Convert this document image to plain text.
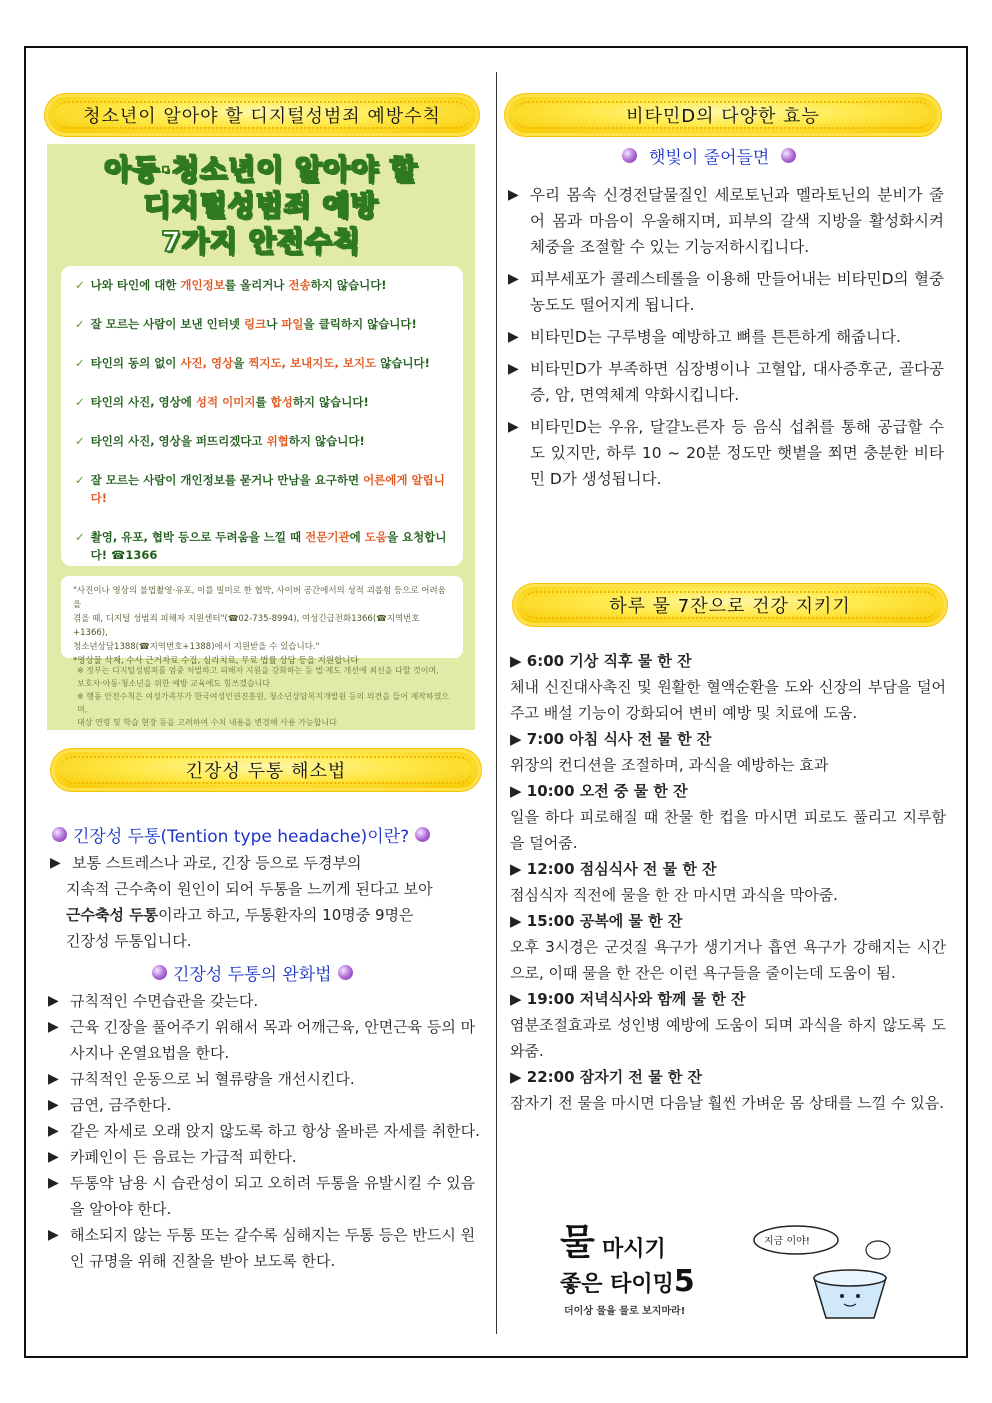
청소년이 알아야 할 디지털성범죄 예방수칙
아동·청소년이 알아야 할
디지털성범죄 예방
7가지 안전수칙
✓ 나와 타인에 대한 개인정보를 올리거나 전송하지 않습니다!
✓ 잘 모르는 사람이 보낸 인터넷 링크나 파일을 클릭하지 않습니다!
✓ 타인의 동의 없이 사진, 영상을 찍지도, 보내지도, 보지도 않습니다!
✓ 타인의 사진, 영상에 성적 이미지를 합성하지 않습니다!
✓ 타인의 사진, 영상을 퍼뜨리겠다고 위협하지 않습니다!
✓ 잘 모르는 사람이 개인정보를 묻거나 만남을 요구하면 어른에게 알립니다!
✓ 촬영, 유포, 협박 등으로 두려움을 느낄 때 전문기관에 도움을 요청합니다! ☎1366
"사진이나 영상의 불법촬영·유포, 이를 빌미로 한 협박, 사이버 공간에서의 성적 괴롭힘 등으로 어려움을
겪을 때, 디지털 성범죄 피해자 지원센터"(☎02-735-8994), 여성긴급전화1366(☎지역번호+1366),
청소년상담1388(☎지역번호+1388)에서 지원받을 수 있습니다."
*영상물 삭제, 수사 근거자료 수집, 심리치료, 무료 법률 상담 등을 지원합니다
※ 정부는 디지털성범죄를 엄중 처벌하고 피해자 지원을 강화하는 등 법·제도 개선에 최선을 다할 것이며,
보호자·아동·청소년을 위한 예방 교육에도 힘쓰겠습니다
※ 행동 안전수칙은 여성가족부가 한국여성인권진흥원, 청소년상담복지개발원 등의 의견을 들어 제작하였으며,
대상 연령 및 학습 현장 등을 고려하여 수치 내용을 변경해 사용 가능합니다
긴장성 두통 해소법
긴장성 두통(Tention type headache)이란?
▶ 보통 스트레스나 과로, 긴장 등으로 두경부의
지속적 근수축이 원인이 되어 두통을 느끼게 된다고 보아
근수축성 두통이라고 하고, 두통환자의 10명중 9명은
긴장성 두통입니다.
긴장성 두통의 완화법
▶ 규칙적인 수면습관을 갖는다.
▶ 근육 긴장을 풀어주기 위해서 목과 어깨근육, 안면근육 등의 마사지나 온열요법을 한다.
▶ 규칙적인 운동으로 뇌 혈류량을 개선시킨다.
▶ 금연, 금주한다.
▶ 같은 자세로 오래 앉지 않도록 하고 항상 올바른 자세를 취한다.
▶ 카페인이 든 음료는 가급적 피한다.
▶ 두통약 남용 시 습관성이 되고 오히려 두통을 유발시킬 수 있음을 알아야 한다.
▶ 해소되지 않는 두통 또는 갈수록 심해지는 두통 등은 반드시 원인 규명을 위해 진찰을 받아 보도록 한다.
비타민D의 다양한 효능
햇빛이 줄어들면
▶ 우리 몸속 신경전달물질인 세로토닌과 멜라토닌의 분비가 줄어 몸과 마음이 우울해지며, 피부의 갈색 지방을 활성화시켜 체중을 조절할 수 있는 기능저하시킵니다.
▶ 피부세포가 콜레스테롤을 이용해 만들어내는 비타민D의 혈중농도도 떨어지게 됩니다.
▶ 비타민D는 구루병을 예방하고 뼈를 튼튼하게 해줍니다.
▶ 비타민D가 부족하면 심장병이나 고혈압, 대사증후군, 골다공증, 암, 면역체계 약화시킵니다.
▶ 비타민D는 우유, 달걀노른자 등 음식 섭취를 통해 공급할 수도 있지만, 하루 10 ~ 20분 정도만 햇볕을 쬐면 충분한 비타민 D가 생성됩니다.
하루 물 7잔으로 건강 지키기
▶ 6:00 기상 직후 물 한 잔
체내 신진대사촉진 및 원활한 혈액순환을 도와 신장의 부담을 덜어 주고 배설 기능이 강화되어 변비 예방 및 치료에 도움.
▶ 7:00 아침 식사 전 물 한 잔
위장의 컨디션을 조절하며, 과식을 예방하는 효과
▶ 10:00 오전 중 물 한 잔
일을 하다 피로해질 때 찬물 한 컵을 마시면 피로도 풀리고 지루함을 덜어줌.
▶ 12:00 점심식사 전 물 한 잔
점심식자 직전에 물을 한 잔 마시면 과식을 막아줌.
▶ 15:00 공복에 물 한 잔
오후 3시경은 군것질 욕구가 생기거나 흡연 욕구가 강해지는 시간으로, 이때 물을 한 잔은 이런 욕구들을 줄이는데 도움이 됨.
▶ 19:00 저녁식사와 함께 물 한 잔
염분조절효과로 성인병 예방에 도움이 되며 과식을 하지 않도록 도와줌.
▶ 22:00 잠자기 전 물 한 잔
잠자기 전 물을 마시면 다음날 훨씬 가벼운 몸 상태를 느낄 수 있음.
물 마시기
좋은 타이밍5
지금 이야!
더이상 물을 물로 보지마라!
